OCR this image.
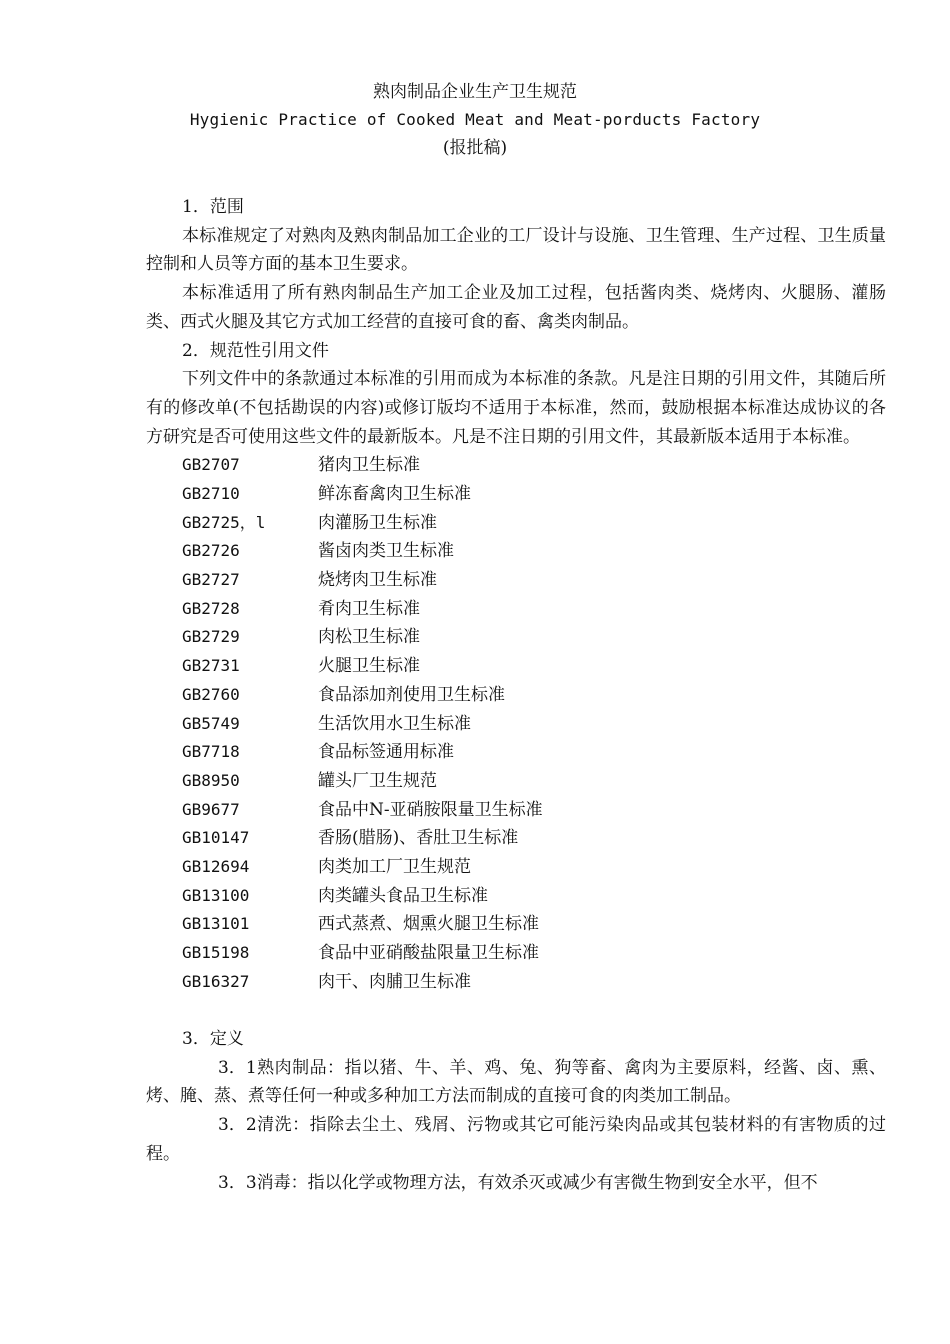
熟肉制品企业生产卫生规范
Hygienic Practice of Cooked Meat and Meat-porducts Factory
(报批稿)
1．范围

本标准规定了对熟肉及熟肉制品加工企业的工厂设计与设施、卫生管理、生产过程、卫生质量控制和人员等方面的基本卫生要求。

本标准适用了所有熟肉制品生产加工企业及加工过程，包括酱肉类、烧烤肉、火腿肠、灌肠类、西式火腿及其它方式加工经营的直接可食的畜、禽类肉制品。

2．规范性引用文件

下列文件中的条款通过本标准的引用而成为本标准的条款。凡是注日期的引用文件，其随后所有的修改单(不包括勘误的内容)或修订版均不适用于本标准，然而，鼓励根据本标准达成协议的各方研究是否可使用这些文件的最新版本。凡是不注日期的引用文件，其最新版本适用于本标准。

GB2707	猪肉卫生标准
GB2710	鲜冻畜禽肉卫生标准
GB2725，l	肉灌肠卫生标准
GB2726	酱卤肉类卫生标准
GB2727	烧烤肉卫生标准
GB2728	肴肉卫生标准
GB2729	肉松卫生标准
GB2731	火腿卫生标准
GB2760	食品添加剂使用卫生标准
GB5749	生活饮用水卫生标准
GB7718	食品标签通用标准
GB8950	罐头厂卫生规范
GB9677	食品中N-亚硝胺限量卫生标准
GB10147	香肠(腊肠)、香肚卫生标准
GB12694	肉类加工厂卫生规范
GB13100	肉类罐头食品卫生标准
GB13101	西式蒸煮、烟熏火腿卫生标准
GB15198	食品中亚硝酸盐限量卫生标准
GB16327	肉干、肉脯卫生标准
3．定义

3．1熟肉制品：指以猪、牛、羊、鸡、兔、狗等畜、禽肉为主要原料，经酱、卤、熏、烤、腌、蒸、煮等任何一种或多种加工方法而制成的直接可食的肉类加工制品。

3．2清洗：指除去尘土、残屑、污物或其它可能污染肉品或其包装材料的有害物质的过程。

3．3消毒：指以化学或物理方法，有效杀灭或减少有害微生物到安全水平，但不
